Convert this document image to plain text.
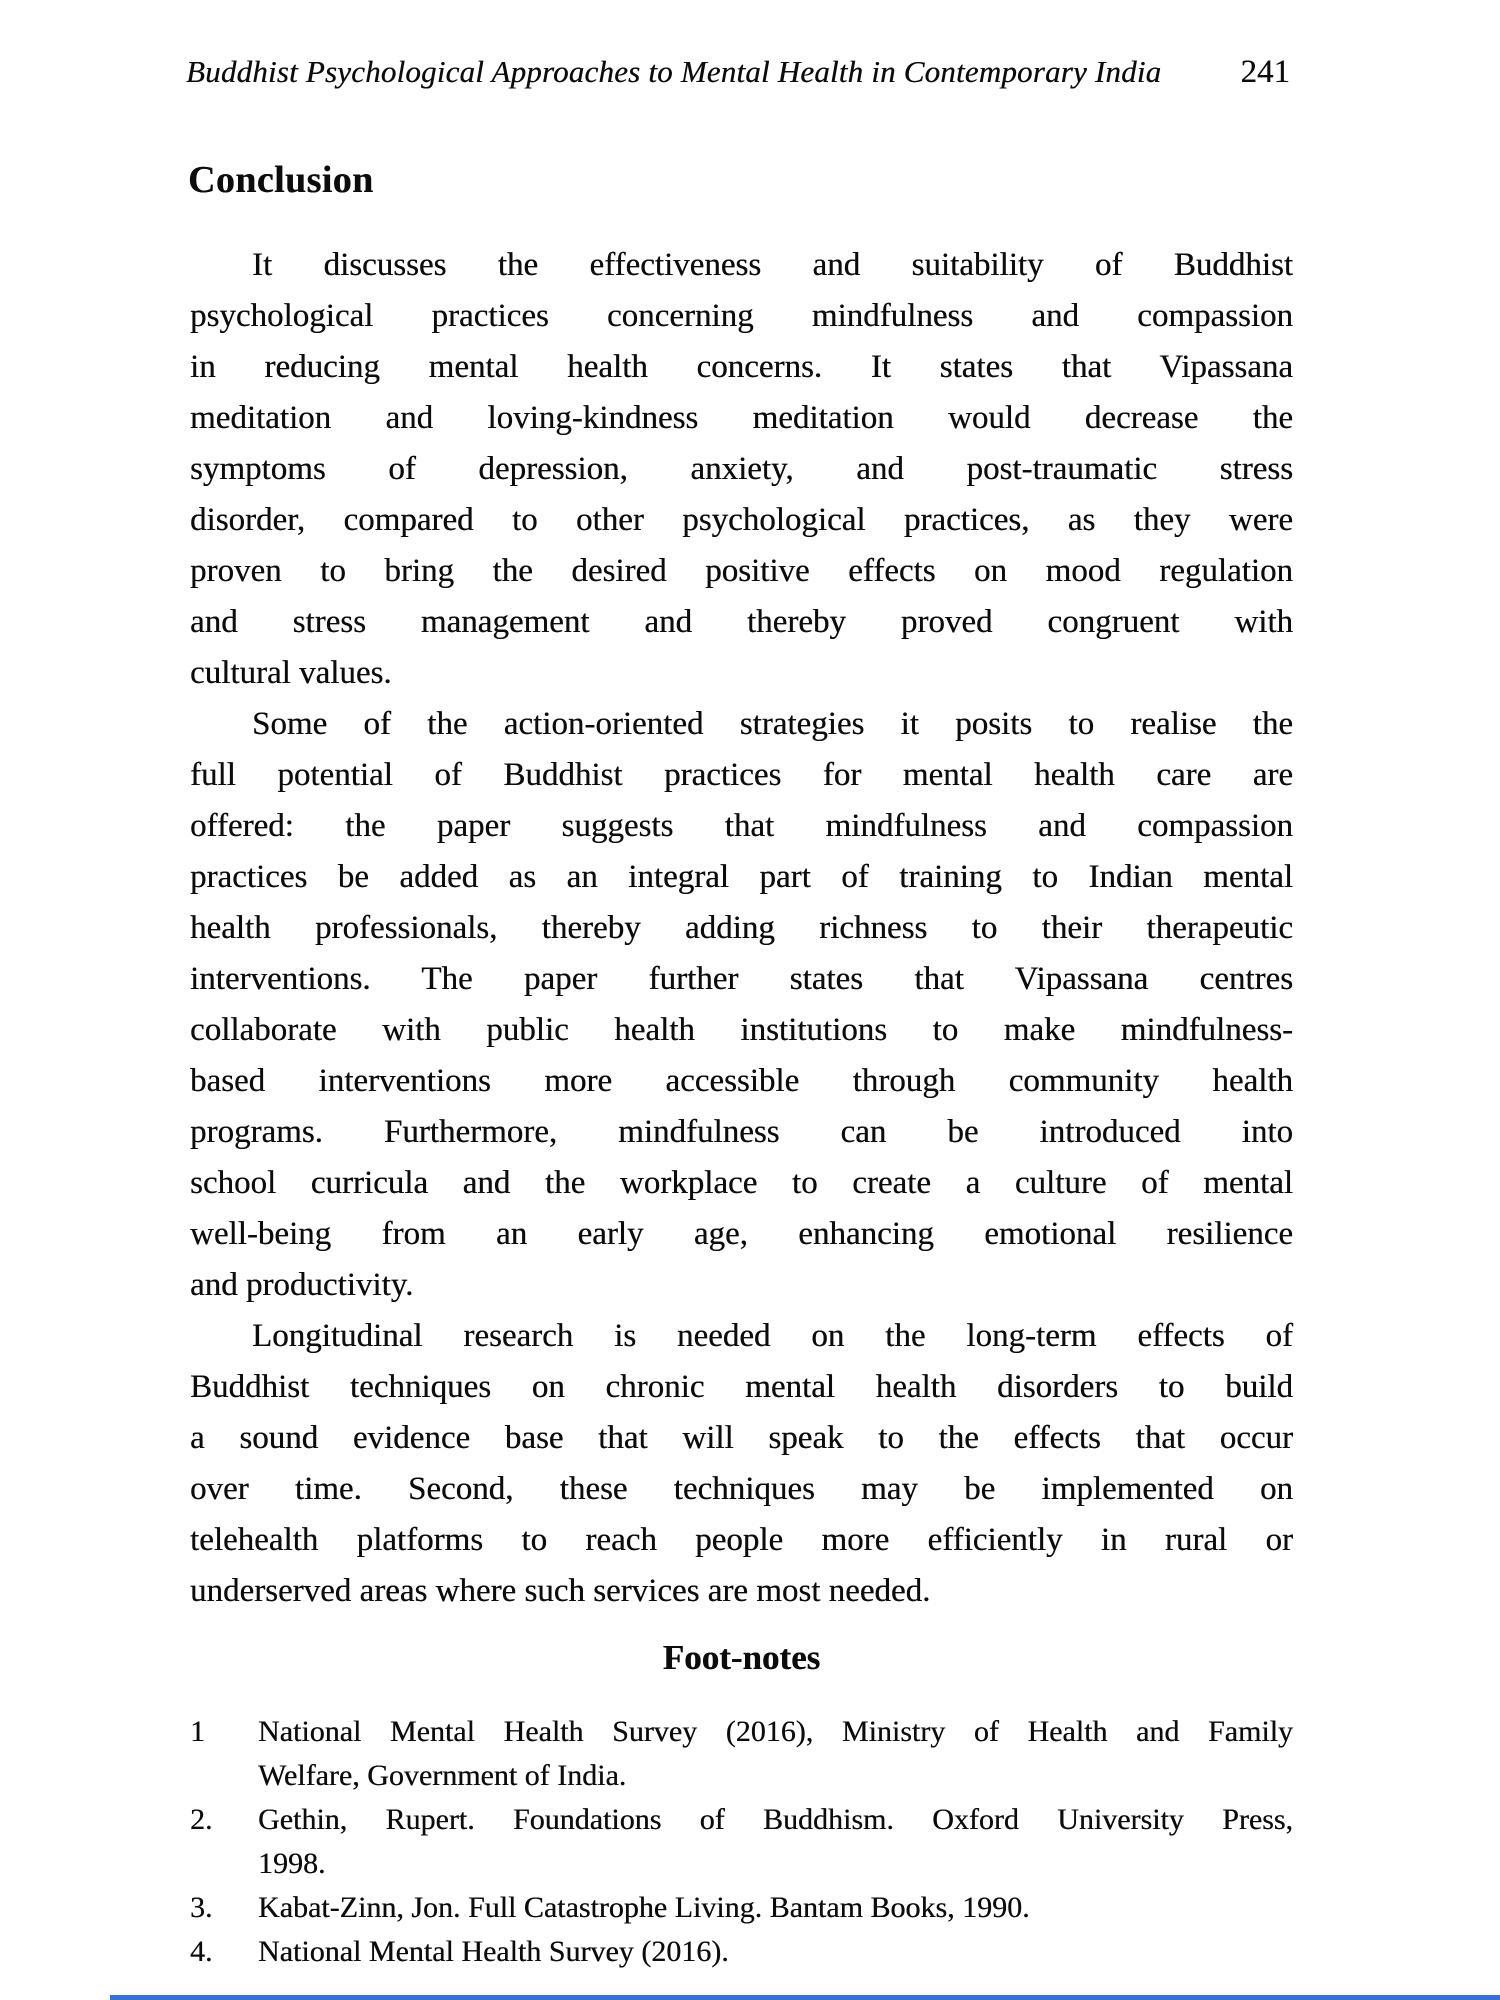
Buddhist Psychological Approaches to Mental Health in Contemporary India	241
Conclusion
It discusses the effectiveness and suitability of Buddhist
psychological practices concerning mindfulness and compassion
in reducing mental health concerns. It states that Vipassana
meditation and loving-kindness meditation would decrease the
symptoms of depression, anxiety, and post-traumatic stress
disorder, compared to other psychological practices, as they were
proven to bring the desired positive effects on mood regulation
and stress management and thereby proved congruent with
cultural values.
Some of the action-oriented strategies it posits to realise the
full potential of Buddhist practices for mental health care are
offered: the paper suggests that mindfulness and compassion
practices be added as an integral part of training to Indian mental
health professionals, thereby adding richness to their therapeutic
interventions. The paper further states that Vipassana centres
collaborate with public health institutions to make mindfulness-
based interventions more accessible through community health
programs. Furthermore, mindfulness can be introduced into
school curricula and the workplace to create a culture of mental
well-being from an early age, enhancing emotional resilience
and productivity.
Longitudinal research is needed on the long-term effects of
Buddhist techniques on chronic mental health disorders to build
a sound evidence base that will speak to the effects that occur
over time. Second, these techniques may be implemented on
telehealth platforms to reach people more efficiently in rural or
underserved areas where such services are most needed.
Foot-notes
1	National Mental Health Survey (2016), Ministry of Health and Family
Welfare, Government of India.
2.	Gethin, Rupert. Foundations of Buddhism. Oxford University Press,
1998.
3.	Kabat-Zinn, Jon. Full Catastrophe Living. Bantam Books, 1990.
4.	National Mental Health Survey (2016).
